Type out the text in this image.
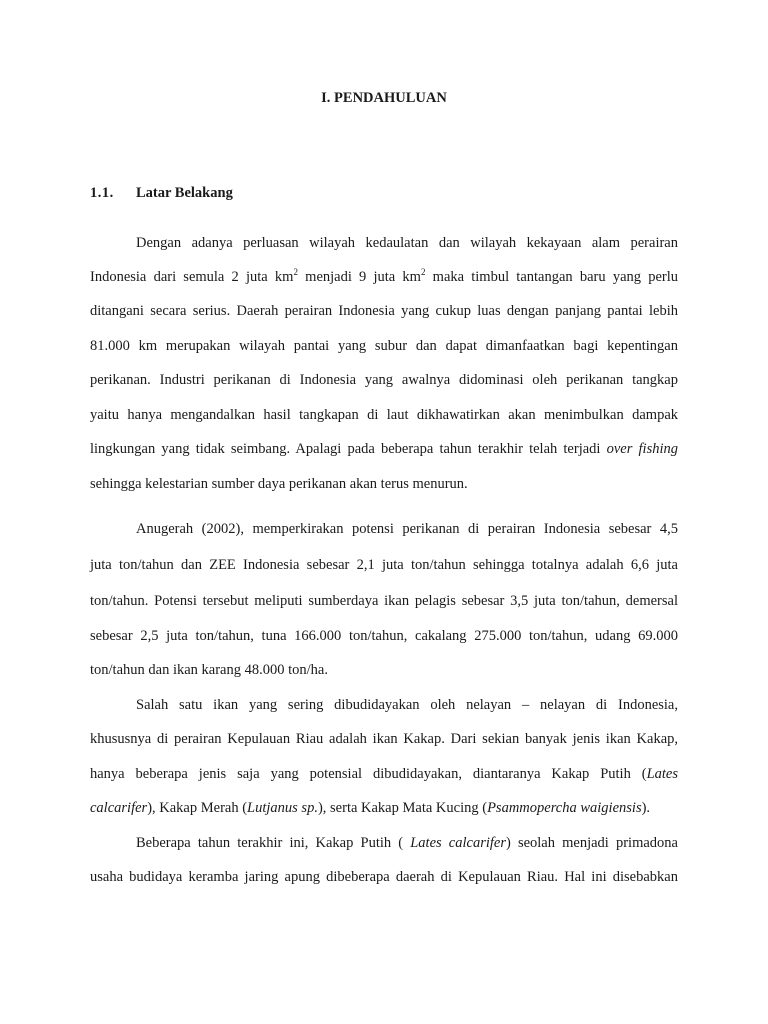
I. PENDAHULUAN
1.1. Latar Belakang
Dengan adanya perluasan wilayah kedaulatan dan wilayah kekayaan alam perairan
Indonesia dari semula 2 juta $km^2$ menjadi 9 juta $km^2$ maka timbul tantangan baru yang perlu
ditangani secara serius. Daerah perairan Indonesia yang cukup luas dengan panjang pantai lebih
81.000 km merupakan wilayah pantai yang subur dan dapat dimanfaatkan bagi kepentingan
perikanan. Industri perikanan di Indonesia yang awalnya didominasi oleh perikanan tangkap
yaitu hanya mengandalkan hasil tangkapan di laut dikhawatirkan akan menimbulkan dampak
lingkungan yang tidak seimbang. Apalagi pada beberapa tahun terakhir telah terjadi over fishing
sehingga kelestarian sumber daya perikanan akan terus menurun.
Anugerah (2002), memperkirakan potensi perikanan di perairan Indonesia sebesar 4,5
juta ton/tahun dan ZEE Indonesia sebesar 2,1 juta ton/tahun sehingga totalnya adalah 6,6 juta
ton/tahun. Potensi tersebut meliputi sumberdaya ikan pelagis sebesar 3,5 juta ton/tahun, demersal
sebesar 2,5 juta ton/tahun, tuna 166.000 ton/tahun, cakalang 275.000 ton/tahun, udang 69.000
ton/tahun dan ikan karang 48.000 ton/ha.
Salah satu ikan yang sering dibudidayakan oleh nelayan – nelayan di Indonesia,
khususnya di perairan Kepulauan Riau adalah ikan Kakap. Dari sekian banyak jenis ikan Kakap,
hanya beberapa jenis saja yang potensial dibudidayakan, diantaranya Kakap Putih (Lates
calcarifer), Kakap Merah (Lutjanus sp.), serta Kakap Mata Kucing (Psammopercha waigiensis).
Beberapa tahun terakhir ini, Kakap Putih ( Lates calcarifer) seolah menjadi primadona
usaha budidaya keramba jaring apung dibeberapa daerah di Kepulauan Riau. Hal ini disebabkan
